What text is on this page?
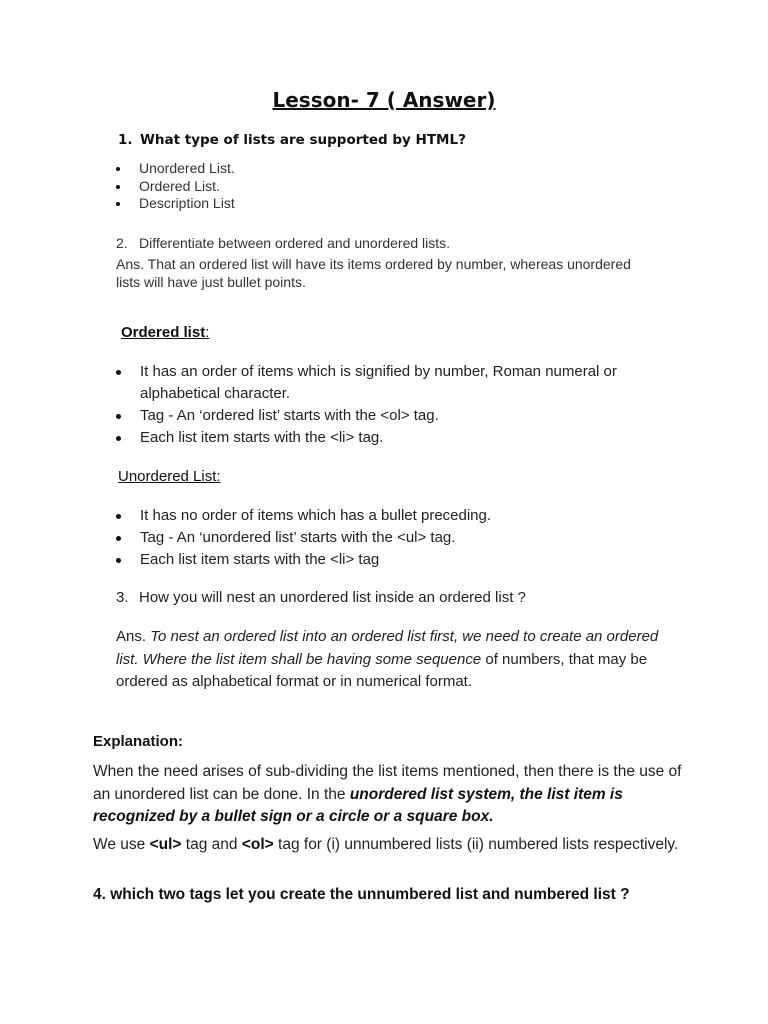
Lesson- 7 ( Answer)
1. What type of lists are supported by HTML?
Unordered List.
Ordered List.
Description List
2. Differentiate between ordered and unordered lists.
Ans. That an ordered list will have its items ordered by number, whereas unordered lists will have just bullet points.
Ordered list:
It has an order of items which is signified by number, Roman numeral or alphabetical character.
Tag - An ‘ordered list’ starts with the <ol> tag.
Each list item starts with the <li> tag.
Unordered List:
It has no order of items which has a bullet preceding.
Tag - An ‘unordered list’ starts with the <ul> tag.
Each list item starts with the <li> tag
3. How you will nest an unordered list inside an ordered list ?
Ans. To nest an ordered list into an ordered list first, we need to create an ordered list. Where the list item shall be having some sequence of numbers, that may be ordered as alphabetical format or in numerical format.
Explanation:
When the need arises of sub-dividing the list items mentioned, then there is the use of an unordered list can be done. In the unordered list system, the list item is recognized by a bullet sign or a circle or a square box.
We use <ul> tag and <ol> tag for (i) unnumbered lists (ii) numbered lists respectively.
4. which two tags let you create the unnumbered list and numbered list ?
